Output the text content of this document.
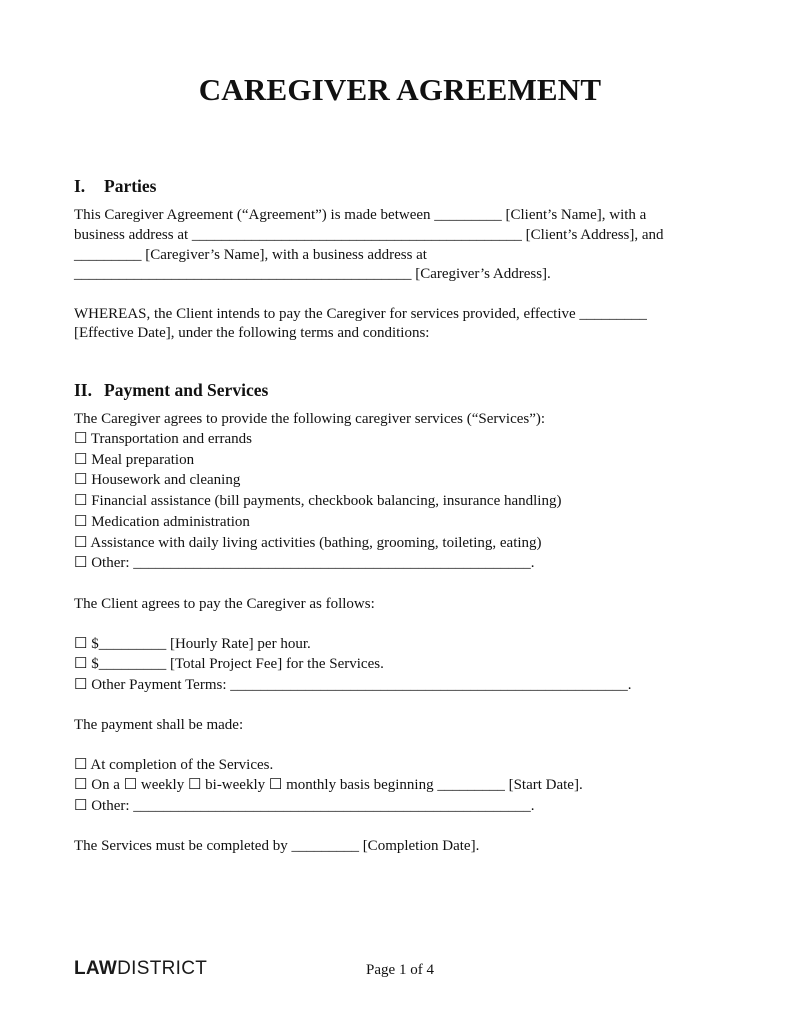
CAREGIVER AGREEMENT
I. Parties

This Caregiver Agreement (“Agreement”) is made between _________ [Client’s Name], with a

business address at ____________________________________________ [Client’s Address], and

_________ [Caregiver’s Name], with a business address at

_____________________________________________ [Caregiver’s Address].

WHEREAS, the Client intends to pay the Caregiver for services provided, effective _________

[Effective Date], under the following terms and conditions:

II. Payment and Services

The Caregiver agrees to provide the following caregiver services (“Services”):

☐ Transportation and errands

☐ Meal preparation

☐ Housework and cleaning

☐ Financial assistance (bill payments, checkbook balancing, insurance handling)

☐ Medication administration

☐ Assistance with daily living activities (bathing, grooming, toileting, eating)

☐ Other: _____________________________________________________.

The Client agrees to pay the Caregiver as follows:

☐ $_________ [Hourly Rate] per hour.

☐ $_________ [Total Project Fee] for the Services.

☐ Other Payment Terms: _____________________________________________________.

The payment shall be made:

☐ At completion of the Services.

☐ On a ☐ weekly ☐ bi-weekly ☐ monthly basis beginning _________ [Start Date].

☐ Other: _____________________________________________________.

The Services must be completed by _________ [Completion Date].

LAWDISTRICT	Page 1 of 4
